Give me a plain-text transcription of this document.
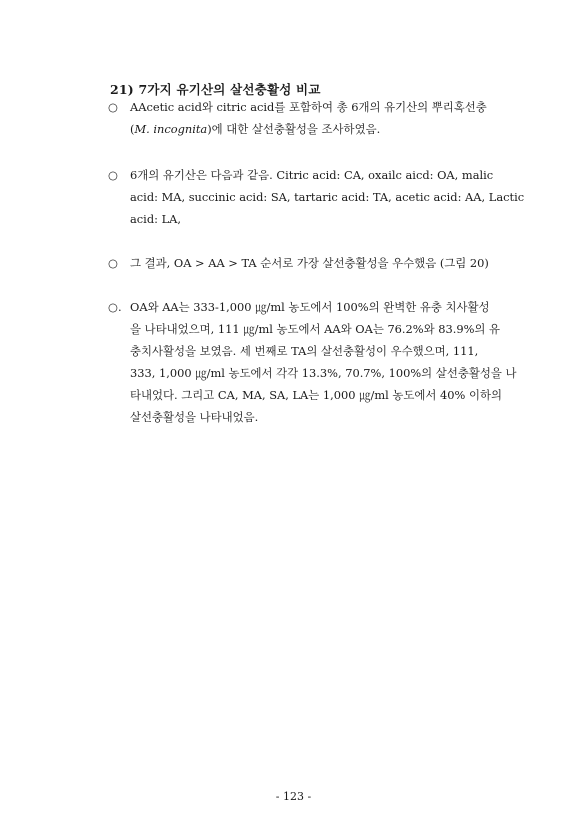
21) 7가지 유기산의 살선충활성 비교
○	AAcetic acid와 citric acid를 포함하여 총 6개의 유기산의 뿌리혹선충
(M. incognita)에 대한 살선충활성을 조사하였음.
○	6개의 유기산은 다음과 같음. Citric acid: CA, oxailc aicd: OA, malic
acid: MA, succinic acid: SA, tartaric acid: TA, acetic acid: AA, Lactic
acid: LA,
○	그 결과, OA > AA > TA 순서로 가장 살선충활성을 우수했음 (그림 20)
○. OA와 AA는 333-1,000 ㎍/ml 농도에서 100%의 완벽한 유충 치사활성
을 나타내었으며, 111 ㎍/ml 농도에서 AA와 OA는 76.2%와 83.9%의 유
충치사활성을 보였음. 세 번째로 TA의 살선충활성이 우수했으며, 111,
333, 1,000 ㎍/ml 농도에서 각각 13.3%, 70.7%, 100%의 살선충활성을 나
타내었다. 그리고 CA, MA, SA, LA는 1,000 ㎍/ml 농도에서 40% 이하의
살선충활성을 나타내었음.
- 123 -
